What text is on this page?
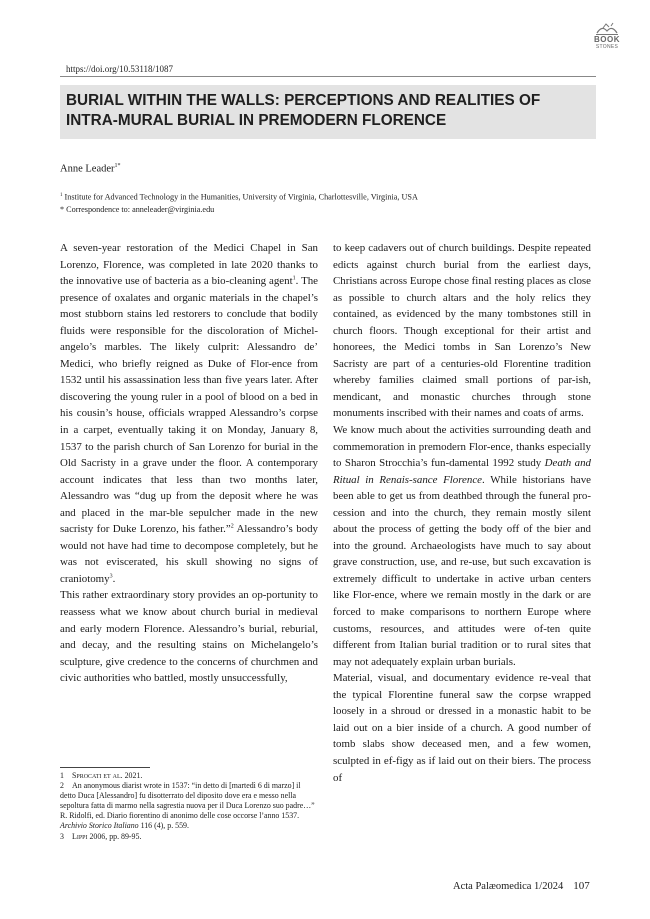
BOOK
STONES
https://doi.org/10.53118/1087
BURIAL WITHIN THE WALLS: PERCEPTIONS AND REALITIES OF INTRA-MURAL BURIAL IN PREMODERN FLORENCE
Anne Leader$^{1*}$
$^1$ Institute for Advanced Technology in the Humanities, University of Virginia, Charlottesville, Virginia, USA
* Correspondence to: anneleader@virginia.edu

A seven-year restoration of the Medici Chapel in San Lorenzo, Florence, was completed in late 2020 thanks to the innovative use of bacteria as a bio-cleaning agent$^1$. The presence of oxalates and organic materials in the chapel’s most stubborn stains led restorers to conclude that bodily fluids were responsible for the discoloration of Michel-angelo’s marbles. The likely culprit: Alessandro de’ Medici, who briefly reigned as Duke of Flor-ence from 1532 until his assassination less than five years later. After discovering the young ruler in a pool of blood on a bed in his cousin’s house, officials wrapped Alessandro’s corpse in a carpet, eventually taking it on Monday, January 8, 1537 to the parish church of San Lorenzo for burial in the Old Sacristy in a grave under the floor. A contemporary account indicates that less than two months later, Alessandro was “dug up from the deposit where he was and placed in the mar-ble sepulcher made in the new sacristy for Duke Lorenzo, his father.”$^2$ Alessandro’s body would not have had time to decompose completely, but he was not eviscerated, his skull showing no signs of craniotomy$^3$.

This rather extraordinary story provides an op-portunity to reassess what we know about church burial in medieval and early modern Florence. Alessandro’s burial, reburial, and decay, and the resulting stains on Michelangelo’s sculpture, give credence to the concerns of churchmen and civic authorities who battled, mostly unsuccessfully,

to keep cadavers out of church buildings. Despite repeated edicts against church burial from the earliest days, Christians across Europe chose final resting places as close as possible to church altars and the holy relics they contained, as evidenced by the many tombstones still in church floors. Though exceptional for their artist and honorees, the Medici tombs in San Lorenzo’s New Sacristy are part of a centuries-old Florentine tradition whereby families claimed small portions of par-ish, mendicant, and monastic churches through stone monuments inscribed with their names and coats of arms.

We know much about the activities surrounding death and commemoration in premodern Flor-ence, thanks especially to Sharon Strocchia’s fun-damental 1992 study Death and Ritual in Renais-sance Florence. While historians have been able to get us from deathbed through the funeral pro-cession and into the church, they remain mostly silent about the process of getting the body off of the bier and into the ground. Archaeologists have much to say about grave construction, use, and re-use, but such excavation is extremely difficult to undertake in active urban centers like Flor-ence, where we remain mostly in the dark or are forced to make comparisons to northern Europe where customs, resources, and attitudes were of-ten quite different from Italian burial tradition or to rural sites that may not adequately explain urban burials.

Material, visual, and documentary evidence re-veal that the typical Florentine funeral saw the corpse wrapped loosely in a shroud or dressed in a monastic habit to be laid out on a bier inside of a church. A good number of tomb slabs show deceased men, and a few women, sculpted in ef-figy as if laid out on their biers. The process of

1 Sprocati et al. 2021.

2 An anonymous diarist wrote in 1537: “in detto di [martedì 6 di marzo] il detto Duca [Alessandro] fu disotterrato del diposito dove era e messo nella sepoltura fatta di marmo nella sagrestia nuova per il Duca Lorenzo suo padre…” R. Ridolfi, ed. Diario fiorentino di anonimo delle cose occorse l’anno 1537. Archivio Storico Italiano 116 (4), p. 559.

3 Lippi 2006, pp. 89-95.

Acta Palæomedica 1/2024 107
